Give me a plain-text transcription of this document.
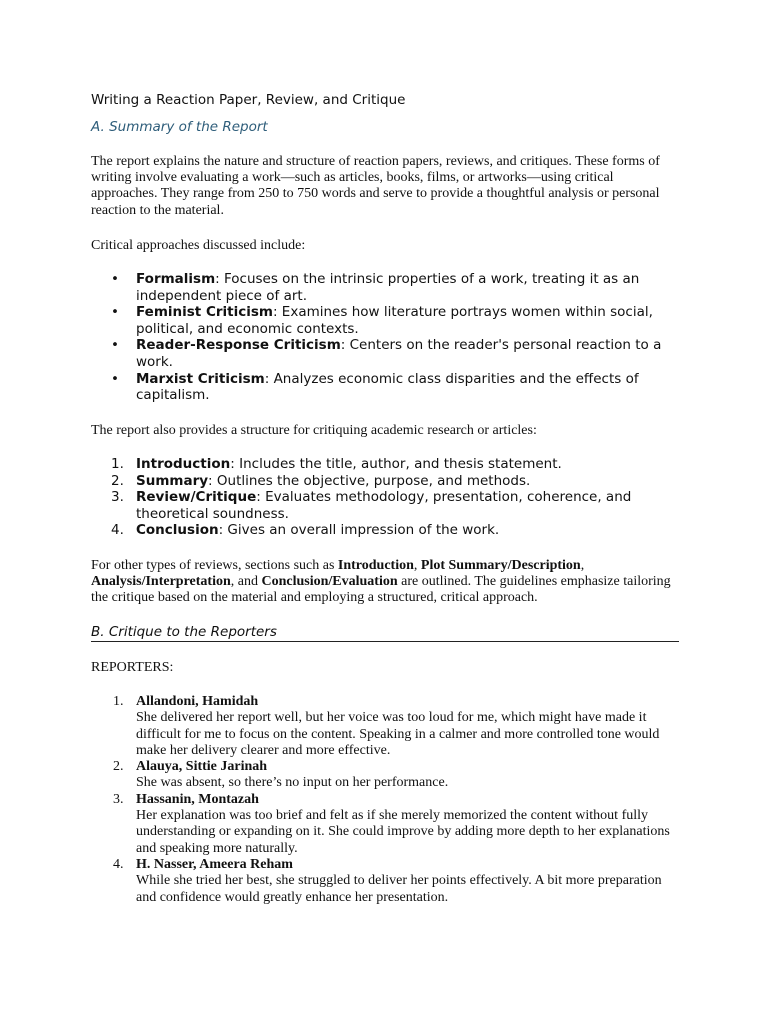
Writing a Reaction Paper, Review, and Critique
A. Summary of the Report
The report explains the nature and structure of reaction papers, reviews, and critiques. These forms of writing involve evaluating a work—such as articles, books, films, or artworks—using critical approaches. They range from 250 to 750 words and serve to provide a thoughtful analysis or personal reaction to the material.
Critical approaches discussed include:
• Formalism: Focuses on the intrinsic properties of a work, treating it as an independent piece of art.
• Feminist Criticism: Examines how literature portrays women within social, political, and economic contexts.
• Reader-Response Criticism: Centers on the reader's personal reaction to a work.
• Marxist Criticism: Analyzes economic class disparities and the effects of capitalism.
The report also provides a structure for critiquing academic research or articles:
1. Introduction: Includes the title, author, and thesis statement.
2. Summary: Outlines the objective, purpose, and methods.
3. Review/Critique: Evaluates methodology, presentation, coherence, and theoretical soundness.
4. Conclusion: Gives an overall impression of the work.
For other types of reviews, sections such as Introduction, Plot Summary/Description, Analysis/Interpretation, and Conclusion/Evaluation are outlined. The guidelines emphasize tailoring the critique based on the material and employing a structured, critical approach.
B. Critique to the Reporters
REPORTERS:
1. Allandoni, Hamidah
She delivered her report well, but her voice was too loud for me, which might have made it difficult for me to focus on the content. Speaking in a calmer and more controlled tone would make her delivery clearer and more effective.
2. Alauya, Sittie Jarinah
She was absent, so there’s no input on her performance.
3. Hassanin, Montazah
Her explanation was too brief and felt as if she merely memorized the content without fully understanding or expanding on it. She could improve by adding more depth to her explanations and speaking more naturally.
4. H. Nasser, Ameera Reham
While she tried her best, she struggled to deliver her points effectively. A bit more preparation and confidence would greatly enhance her presentation.
